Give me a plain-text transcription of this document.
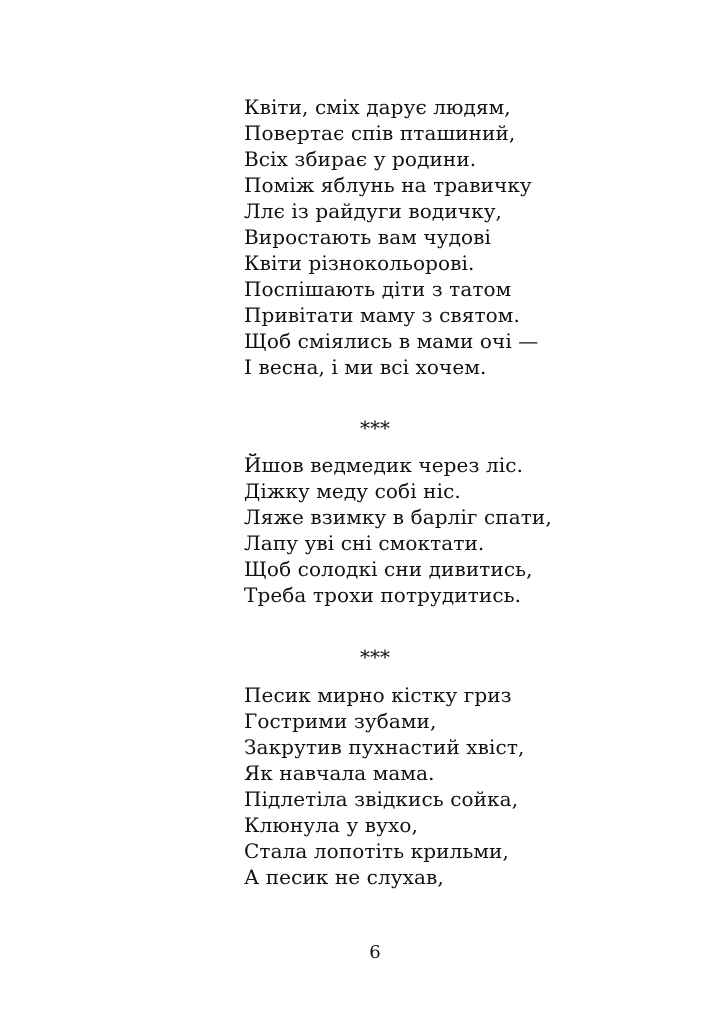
Квіти, сміх дарує людям,
Повертає спів пташиний,
Всіх збирає у родини.
Поміж яблунь на травичку
Ллє із райдуги водичку,
Виростають вам чудові
Квіти різнокольорові.
Поспішають діти з татом
Привітати маму з святом.
Щоб сміялись в мами очі —
І весна, і ми всі хочем.
***
Йшов ведмедик через ліс.
Діжку меду собі ніс.
Ляже взимку в барліг спати,
Лапу уві сні смоктати.
Щоб солодкі сни дивитись,
Треба трохи потрудитись.
***
Песик мирно кістку гриз
Гострими зубами,
Закрутив пухнастий хвіст,
Як навчала мама.
Підлетіла звідкись сойка,
Клюнула у вухо,
Стала лопотіть крильми,
А песик не слухав,
6
